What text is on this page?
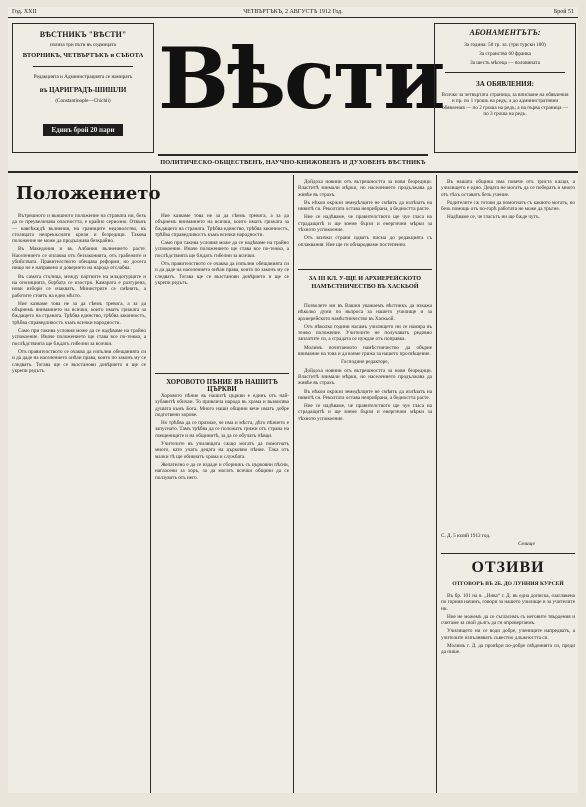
Год. XXII	ЧЕТВЪРТЪКЪ, 2 АВГУСТЪ 1912 Год.	Брой 51
ВѢСТНИКЪ "ВѢСТИ"
излиза три пъти въ седмицата
ВТОРНИКЪ, ЧЕТВЪРТЪКЪ и СЪБОТА
Редакцията и Администрацията се намиратъ
въ ЦАРИГРАДЪ-ШИШЛИ
(Constantinople—Chichli)
Единъ брой 20 пари
Вѣсти
ПОЛИТИЧЕСКО-ОБЩЕСТВЕНЪ, НАУЧНО-КНИЖОВЕНЪ И ДУХОВЕНЪ ВѢСТНИКЪ
АБОНАМЕНТЪТЪ:
За година: 50 гр. зл. (три турски 100)
За странство 60 франка
За шесть мѣсеца — половината
ЗА ОБЯВЛЕНИЯ:
Всичко за четвъртата страница, за вписване на обявления и пр. по 1 грошъ на редъ; а до административни обявления — по 2 гроша на редъ; а на първа страница — по 3 гроша на редъ.
Положението

Вътрешното и външното положение на страната ни, безъ да се преувеличава опасността, е крайно сериозно. Отвънъ — навсѣкѫдѣ вълнения, на границите недоволство, въ столицата непрекѫснати кризи и безредици. Такова положение не може да продължава безкрайно.

Въ Македония и въ Албания вълнението расте. Населението се оплаква отъ беззаконията, отъ грабежите и убийствата. Правителството обещава реформи, но досега нищо не е направено и доверието на народа отслабва.

Въ самата столица, между партиите на младотурците и на опозицията, борбата се изостря. Камарата е разтурена, нови избори се очакватъ. Министрите се смѣнятъ, а работите стоятъ на едно мѣсто.

Ние казваме това не за да сѣемъ тревога, а за да обърнемъ вниманието на всички, които иматъ грижата за бѫдащето на страната. Трѣбва единство, трѣбва законностъ, трѣбва справедливостъ къмъ всички народности.

Само при такива условия може да се надѣваме на трайно успокоение. Иначе положението ще става все по-тежко, а послѣдствията ще бѫдатъ гибелни за всички.

Отъ правителството се очаква да изпълни обещанията си и да даде на населението онѣзи права, които по законъ му се следватъ. Тогава ще се възстанови довѣрието и ще се укрепи редътъ.

Ние казваме това не за да сѣемъ тревога, а за да обърнемъ вниманието на всички, които иматъ грижата за бѫдащето на страната. Трѣбва единство, трѣбва законностъ, трѣбва справедливостъ къмъ всички народности.

Само при такива условия може да се надѣваме на трайно успокоение. Иначе положението ще става все по-тежко, а послѣдствията ще бѫдатъ гибелни за всички.

Отъ правителството се очаква да изпълни обещанията си и да даде на населението онѣзи права, които по законъ му се следватъ. Тогава ще се възстанови довѣрието и ще се укрепи редътъ.

ХОРОВОТО ПѢНИЕ ВЪ НАШИТѢ ЦЪРКВИ

Хоровото пѣние въ нашитѣ църкви е единъ отъ най-хубавитѣ обичаи. То привлича народа въ храма и възвисява душата къмъ Бога. Много наши общини вече иматъ добре подготвени хорове.

Но трѣбва да се признае, че има и мѣста, дѣто пѣнието е запуснато. Тамъ трѣбва да се положатъ грижи отъ страна на свещениците и на общинитѣ, за да се обучатъ пѣвци.

Учителите въ училищата сѫщо могатъ да помогнатъ много, като учатъ децата на църковно пѣние. Така отъ малки тѣ ще обикнатъ храма и службата.

Желателно е да се издаде и сборникъ съ църковни пѣсни, нагласени за хоръ, за да могатъ всички общини да се ползуватъ отъ него.

Дойдоха новини отъ вътрешността за нови безредици. Властитѣ взимали мѣрки, но населението продължава да живѣе въ страхъ.

Въ нѣкои окрѫзи земедѣлците не смѣятъ да излѣзатъ на нивитѣ си. Реколтата остава неприбрана, а бедността расте.

Ние се надѣваме, че правителството ще чуе гласа на страдащитѣ и ще вземе бързи и енергични мѣрки за тѣхното успокоение.

Отъ всички страни идватъ писма до редакцията съ оплаквания. Ние ще ги обнародваме постепенно.

ЗА III КЛ. У-ЩЕ И АРХИЕРЕЙСКОТО НАМѢСТНИЧЕСТВО ВЪ ХАСКЬОЙ

Позволете ми въ Вашия уважаемъ вѣстникъ да изкажа нѣколко думи по въпроса за нашето училище и за архиерейското намѣстничество въ Хаскьой.

Отъ нѣколко години насамъ училището ни се намира въ тежко положение. Учителите не получаватъ редовно заплатите си, а сградата се нуждае отъ поправка.

Молимъ почитаемото намѣстничество да обърне внимание на това и да вземе грижа за нашето просвѣщение.

Господине редакторе,

Дойдоха новини отъ вътрешността за нови безредици. Властитѣ взимали мѣрки, но населението продължава да живѣе въ страхъ.

Въ нѣкои окрѫзи земедѣлците не смѣятъ да излѣзатъ на нивитѣ си. Реколтата остава неприбрана, а бедността расте.

Ние се надѣваме, че правителството ще чуе гласа на страдащитѣ и ще вземе бързи и енергични мѣрки за тѣхното успокоение.

Въ нашата община има повече отъ триста кѫщи, а училището е едно. Децата не могатъ да се побератъ и много отъ тѣхъ оставатъ безъ учение.

Родителите сѫ готови да помогнатъ съ каквото могатъ, но безъ помощь отъ по-горѣ работата не може да тръгне.

Надѣваме се, че гласътъ ни ще бѫде чутъ.

С. Д. 5 юлий 1912 год.
Селище
ОТЗИВИ
ОТГОВОРЪ ВЪ 2Б. ДО ЛУННИЯ КУРСЕЙ

Въ бр. 101 на в. „Нива“ г. Д. въ една дописка, озаглавена по горния начинъ, говори за нашето училище и за учителите ни.

Ние не можемъ да се съгласимъ съ неговите твърдения и считаме за свой дългъ да ги опровергаемъ.

Училището ни се води добре, учениците напредватъ, а учителите изпълняватъ съвестно длъжността си.

Молимъ г. Д. да провѣри по-добре свѣденията си, преди да пише.
